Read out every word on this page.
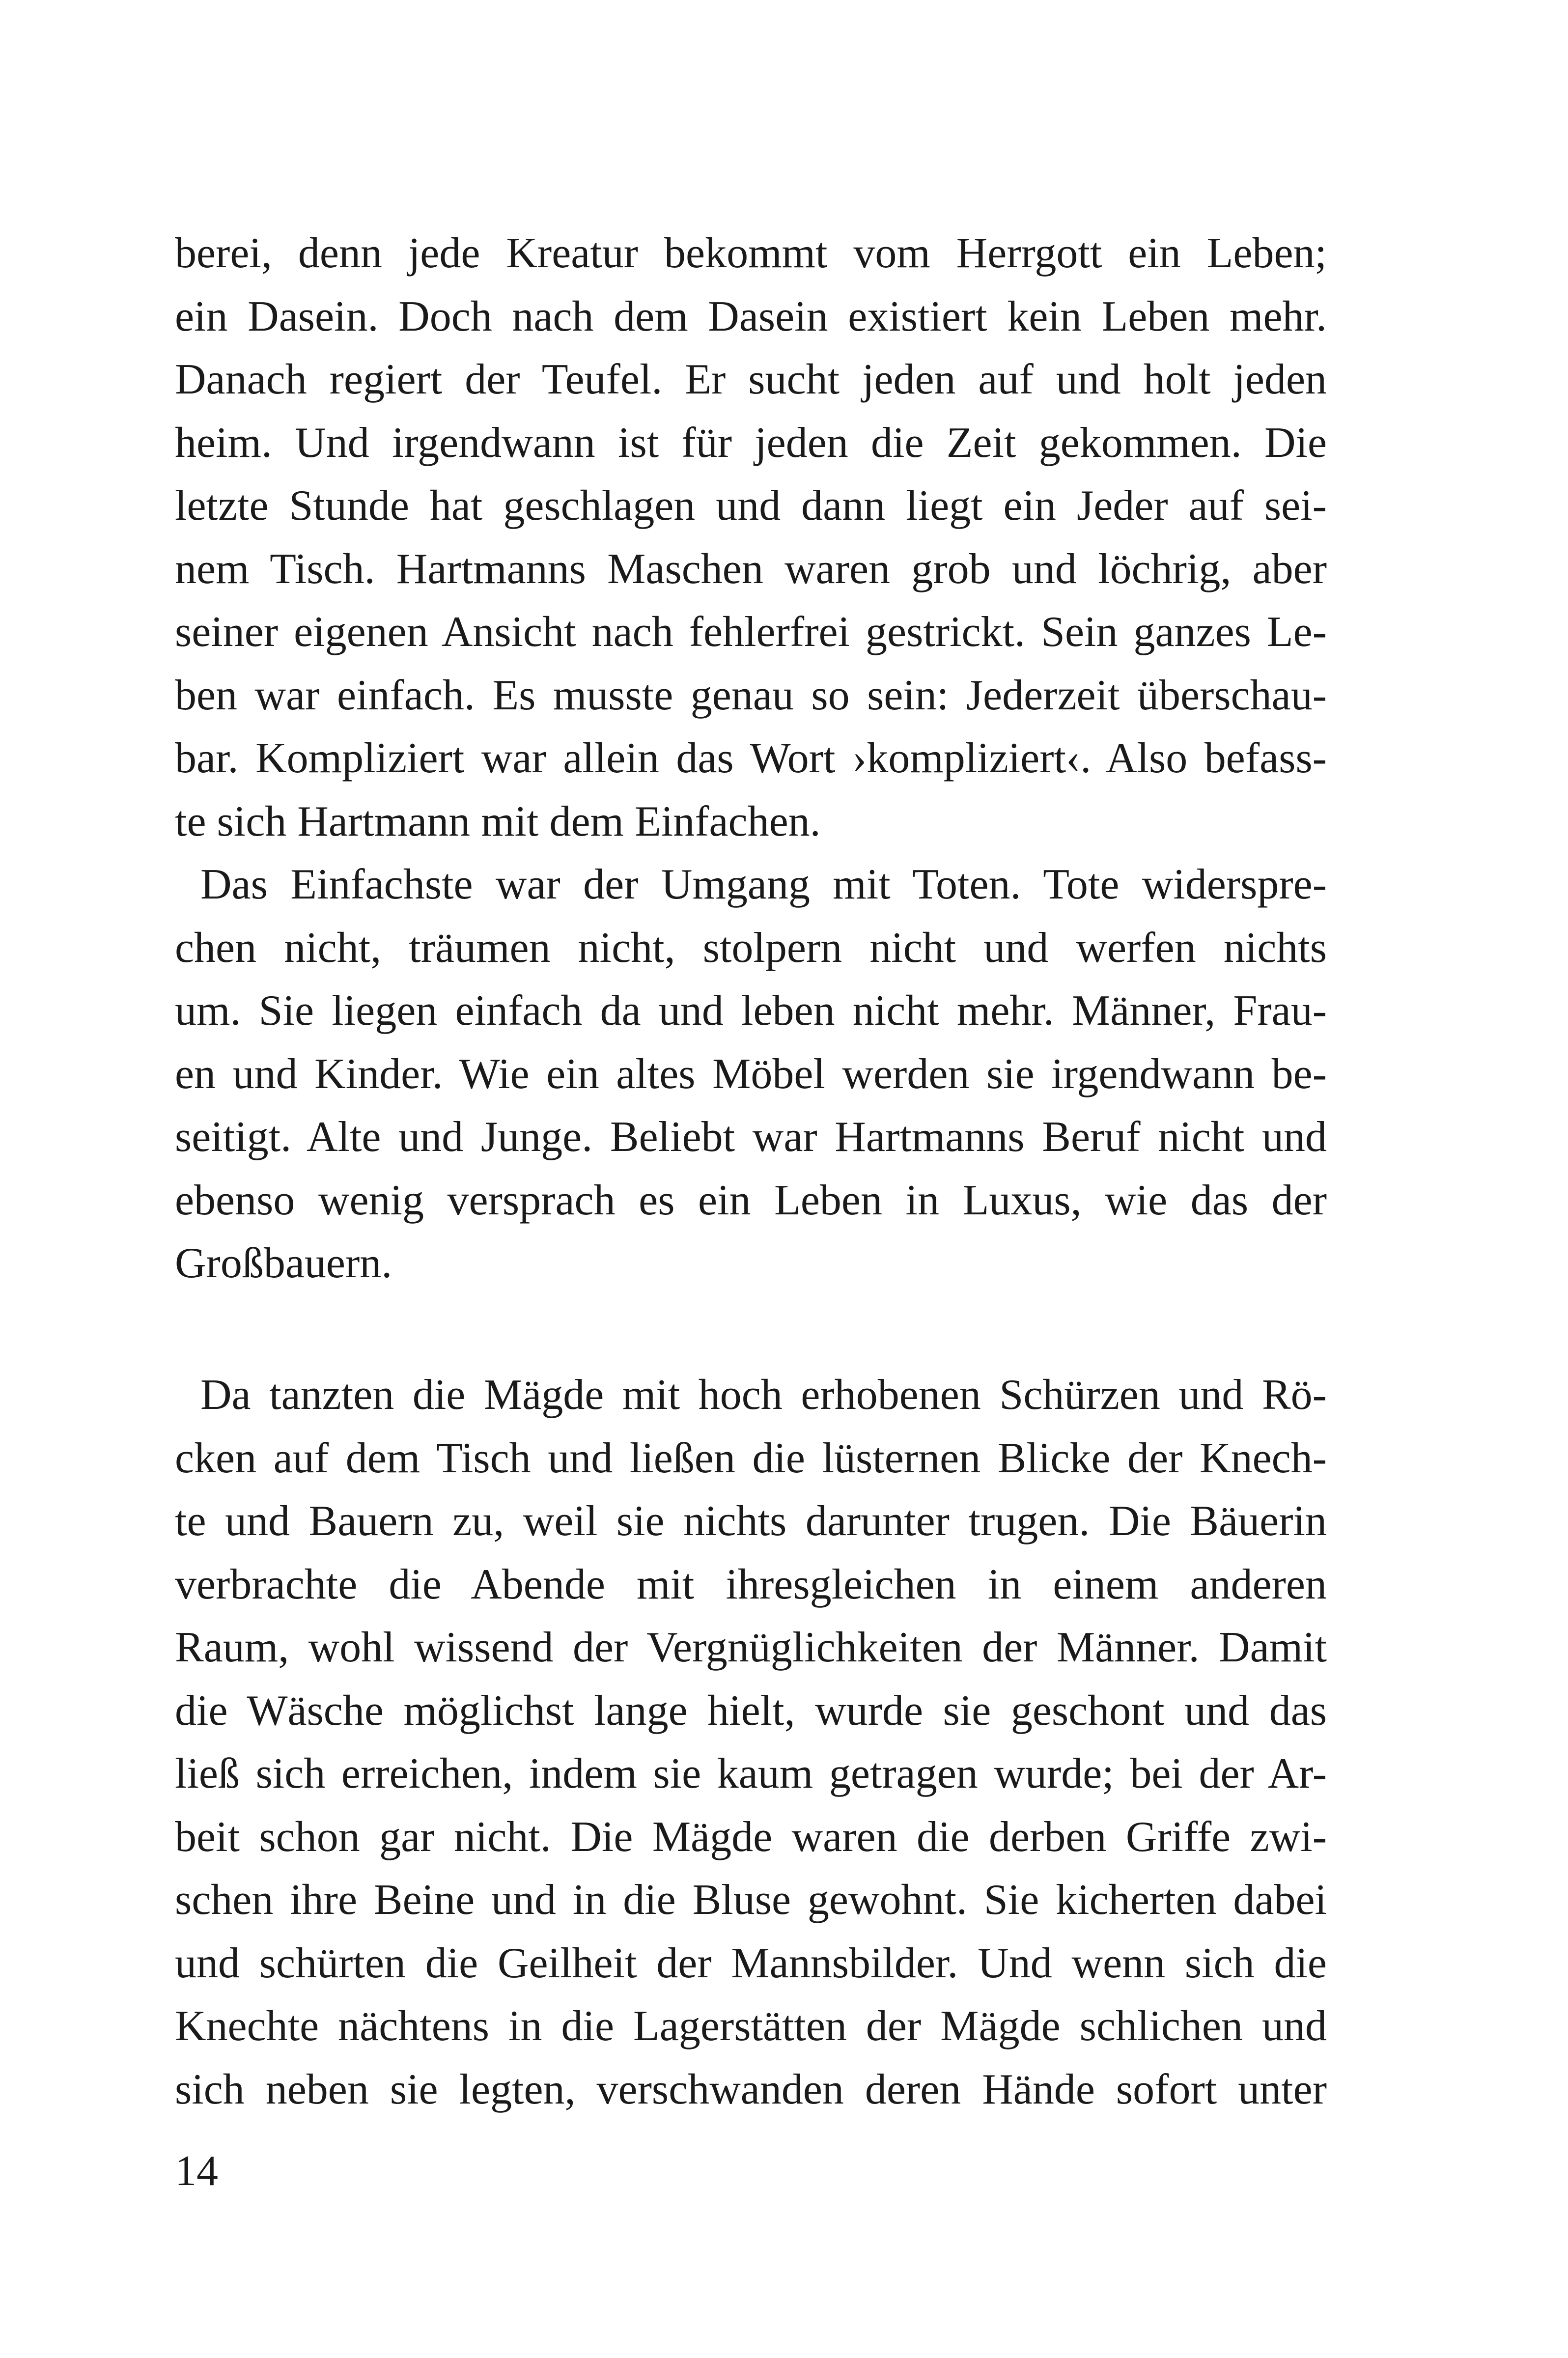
berei, denn jede Kreatur bekommt vom Herrgott ein Leben;
ein Dasein. Doch nach dem Dasein existiert kein Leben mehr.
Danach regiert der Teufel. Er sucht jeden auf und holt jeden
heim. Und irgendwann ist für jeden die Zeit gekommen. Die
letzte Stunde hat geschlagen und dann liegt ein Jeder auf sei-
nem Tisch. Hartmanns Maschen waren grob und löchrig, aber
seiner eigenen Ansicht nach fehlerfrei gestrickt. Sein ganzes Le-
ben war einfach. Es musste genau so sein: Jederzeit überschau-
bar. Kompliziert war allein das Wort ›kompliziert‹. Also befass-
te sich Hartmann mit dem Einfachen.
Das Einfachste war der Umgang mit Toten. Tote widerspre-
chen nicht, träumen nicht, stolpern nicht und werfen nichts
um. Sie liegen einfach da und leben nicht mehr. Männer, Frau-
en und Kinder. Wie ein altes Möbel werden sie irgendwann be-
seitigt. Alte und Junge. Beliebt war Hartmanns Beruf nicht und
ebenso wenig versprach es ein Leben in Luxus, wie das der
Großbauern.
Da tanzten die Mägde mit hoch erhobenen Schürzen und Rö-
cken auf dem Tisch und ließen die lüsternen Blicke der Knech-
te und Bauern zu, weil sie nichts darunter trugen. Die Bäuerin
verbrachte die Abende mit ihresgleichen in einem anderen
Raum, wohl wissend der Vergnüglichkeiten der Männer. Damit
die Wäsche möglichst lange hielt, wurde sie geschont und das
ließ sich erreichen, indem sie kaum getragen wurde; bei der Ar-
beit schon gar nicht. Die Mägde waren die derben Griffe zwi-
schen ihre Beine und in die Bluse gewohnt. Sie kicherten dabei
und schürten die Geilheit der Mannsbilder. Und wenn sich die
Knechte nächtens in die Lagerstätten der Mägde schlichen und
sich neben sie legten, verschwanden deren Hände sofort unter
14
